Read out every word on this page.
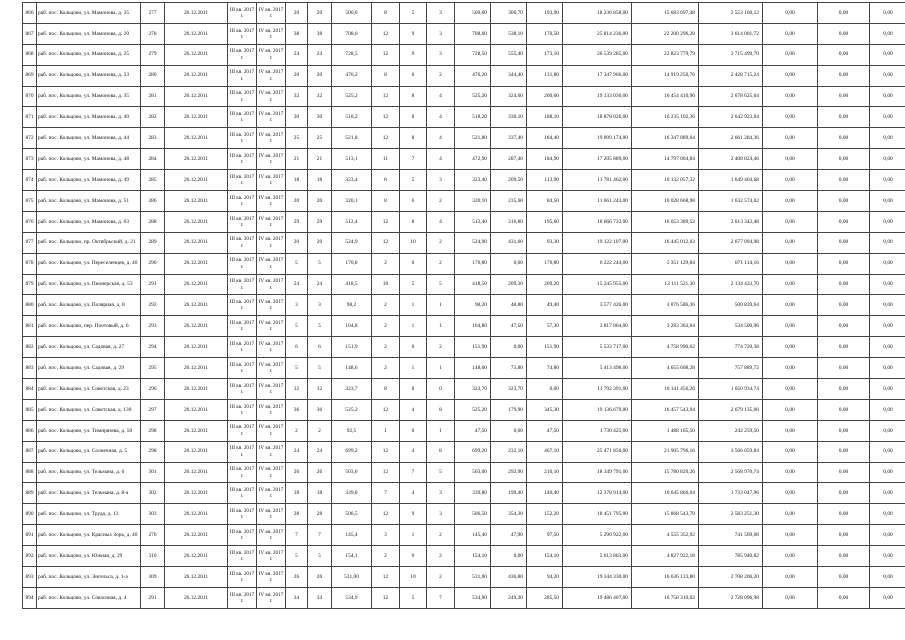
866	раб. пос. Кольцово, ул. Мамонова, д. 35	277	26.12.2011	III кв. 2017 г.	IV кв. 2017 г.	20	20	500,6	8	5	3	500,60	306,70	193,90	18 236 858,00	15 683 697,48	2 553 160,12	0,00	0,00	0,00
867	раб. пос. Кольцово, ул. Мамонова, д. 20	278	26.12.2011	III кв. 2017 г.	IV кв. 2017 г.	38	38	708,6	12	9	3	708,60	538,10	170,50	25 814 236,00	22 200 296,28	3 614 001,72	0,00	0,00	0,00
868	раб. пос. Кольцово, ул. Мамонова, д. 25	279	26.12.2011	III кв. 2017 г.	IV кв. 2017 г.	24	24	728,5	12	9	3	728,50	555,40	173,10	26 539 285,00	22 823 779,79	3 715 499,70	0,00	0,00	0,00
869	раб. пос. Кольцово, ул. Мамонова, д. 33	280	26.12.2011	III кв. 2017 г.	IV кв. 2017 г.	20	20	476,2	8	6	2	476,20	344,40	131,80	17 347 966,00	14 919 250,76	2 428 715,24	0,00	0,00	0,00
870	раб. пос. Кольцово, ул. Мамонова, д. 35	281	26.12.2011	III кв. 2017 г.	IV кв. 2017 г.	32	32	525,2	12	8	4	525,20	324,60	200,60	19 133 036,00	16 454 410,96	2 678 625,04	0,00	0,00	0,00
871	раб. пос. Кольцово, ул. Мамонова, д. 40	282	26.12.2011	III кв. 2017 г.	IV кв. 2017 г.	30	30	518,2	12	8	4	518,20	330,10	188,10	18 878 026,00	16 235 102,36	2 642 923,64	0,00	0,00	0,00
872	раб. пос. Кольцово, ул. Мамонова, д. 44	283	26.12.2011	III кв. 2017 г.	IV кв. 2017 г.	25	25	521,8	12	8	4	521,80	337,40	184,40	19 009 174,00	16 347 889,64	2 661 284,36	0,00	0,00	0,00
873	раб. пос. Кольцово, ул. Мамонова, д. 48	284	26.12.2011	III кв. 2017 г.	IV кв. 2017 г.	21	21	513,1	11	7	4	472,90	287,40	184,90	17 205 889,00	14 797 064,84	2 408 824,46	0,00	0,00	0,00
874	раб. пос. Кольцово, ул. Мамонова, д. 49	285	26.12.2011	III кв. 2017 г.	IV кв. 2017 г.	18	18	323,4	8	5	3	323,40	209,50	113,90	11 781 462,00	10 132 057,32	1 649 404,68	0,00	0,00	0,00
875	раб. пос. Кольцово, ул. Мамонова, д. 51	286	26.12.2011	III кв. 2017 г.	IV кв. 2017 г.	20	20	320,1	8	6	2	320,10	235,60	84,50	11 661 243,00	10 028 668,98	1 632 574,02	0,00	0,00	0,00
876	раб. пос. Кольцово, ул. Мамонова, д. 63	288	26.12.2011	III кв. 2017 г.	IV кв. 2017 г.	29	29	512,4	12	8	4	512,40	316,80	195,60	18 666 732,00	16 053 389,52	2 613 342,48	0,00	0,00	0,00
877	раб. пос. Кольцово, пр. Октябрьский, д. 21	289	26.12.2011	III кв. 2017 г.	IV кв. 2017 г.	20	20	524,9	12	10	2	524,90	431,60	93,30	19 122 107,00	16 445 012,02	2 677 094,98	0,00	0,00	0,00
878	раб. пос. Кольцово, ул. Переселенцев, д. 40	290	26.12.2011	III кв. 2017 г.	IV кв. 2017 г.	5	5	170,8	2	0	2	170,80	0,00	170,80	6 222 244,00	5 351 129,84	871 114,16	0,00	0,00	0,00
879	раб. пос. Кольцово, ул. Пионерская, д. 53	291	26.12.2011	III кв. 2017 г.	IV кв. 2017 г.	24	24	418,5	10	5	5	418,50	209,30	209,20	15 245 955,00	13 111 521,30	2 134 433,70	0,00	0,00	0,00
880	раб. пос. Кольцово, ул. Полярная, д. 8	292	26.12.2011	III кв. 2017 г.	IV кв. 2017 г.	3	3	98,2	2	1	1	98,20	48,80	49,40	3 577 426,00	3 076 586,36	500 839,64	0,00	0,00	0,00
881	раб. пос. Кольцово, пер. Почтовый, д. 6	293	26.12.2011	III кв. 2017 г.	IV кв. 2017 г.	5	5	104,8	2	1	1	104,80	47,50	57,30	3 817 864,00	3 283 363,04	534 500,96	0,00	0,00	0,00
882	раб. пос. Кольцово, ул. Садовая, д. 27	294	26.12.2011	III кв. 2017 г.	IV кв. 2017 г.	6	6	151,9	2	0	2	151,90	0,00	151,90	5 533 717,00	4 758 996,62	774 720,38	0,00	0,00	0,00
883	раб. пос. Кольцово, ул. Садовая, д. 29	295	26.12.2011	III кв. 2017 г.	IV кв. 2017 г.	5	5	148,6	2	1	1	148,60	73,80	74,80	5 413 498,00	4 655 608,28	757 889,72	0,00	0,00	0,00
884	раб. пос. Кольцово, ул. Советская, д. 23	296	26.12.2011	III кв. 2017 г.	IV кв. 2017 г.	12	12	323,7	8	8	0	323,70	323,70	0,00	11 792 391,00	10 141 456,26	1 650 934,74	0,00	0,00	0,00
885	раб. пос. Кольцово, ул. Советская, д. 130	297	26.12.2011	III кв. 2017 г.	IV кв. 2017 г.	36	36	525,2	12	4	8	525,20	179,90	345,30	19 136 679,00	16 457 543,94	2 679 135,06	0,00	0,00	0,00
886	раб. пос. Кольцово, ул. Тимирязева, д. 50	298	26.12.2011	III кв. 2017 г.	IV кв. 2017 г.	2	2	92,5	1	0	1	47,50	0,00	47,50	1 730 425,00	1 488 165,50	242 259,50	0,00	0,00	0,00
887	раб. пос. Кольцово, ул. Солнечная, д. 5	298	26.12.2011	III кв. 2017 г.	IV кв. 2017 г.	24	24	699,2	12	4	8	699,20	232,10	467,10	25 471 856,00	21 905 796,16	3 566 059,84	0,00	0,00	0,00
888	раб. пос. Кольцово, ул. Тельмана, д. 6	301	26.12.2011	III кв. 2017 г.	IV кв. 2017 г.	26	26	503,0	12	7	5	503,00	292,90	210,10	18 349 791,00	15 780 820,26	2 568 970,74	0,00	0,00	0,00
889	раб. пос. Кольцово, ул. Тельмана, д. 8-а	302	26.12.2011	III кв. 2017 г.	IV кв. 2017 г.	18	18	339,8	7	4	3	339,80	199,40	140,40	12 378 914,00	10 645 866,04	1 733 047,96	0,00	0,00	0,00
890	раб. пос. Кольцово, ул. Труда, д. 13	303	26.12.2011	III кв. 2017 г.	IV кв. 2017 г.	28	28	506,5	12	9	3	506,50	354,30	152,20	18 451 795,00	15 868 543,70	2 583 251,30	0,00	0,00	0,00
891	раб. пос. Кольцово, ул. Красных Зорь, д. 40	276	26.12.2011	III кв. 2017 г.	IV кв. 2017 г.	7	7	145,4	3	1	2	145,40	47,90	97,50	5 296 922,00	4 555 352,92	741 569,08	0,00	0,00	0,00
892	раб. пос. Кольцово, ул. Южная, д. 29	310	26.12.2011	III кв. 2017 г.	IV кв. 2017 г.	5	5	154,1	2	0	2	154,10	0,00	154,10	5 613 863,00	4 827 922,18	785 940,82	0,00	0,00	0,00
893	раб. пос. Кольцово, ул. Энгельса, д. 1-а	309	26.12.2011	III кв. 2017 г.	IV кв. 2017 г.	26	26	531,00	12	10	2	531,00	436,80	94,20	19 344 330,00	16 636 123,80	2 708 206,20	0,00	0,00	0,00
894	раб. пос. Кольцово, ул. Совхозная, д. 4	291	26.12.2011	III кв. 2017 г.	IV кв. 2017 г.	34	34	534,9	12	5	7	534,90	249,30	285,50	19 486 407,00	16 758 310,02	2 728 096,98	0,00	0,00	0,00
